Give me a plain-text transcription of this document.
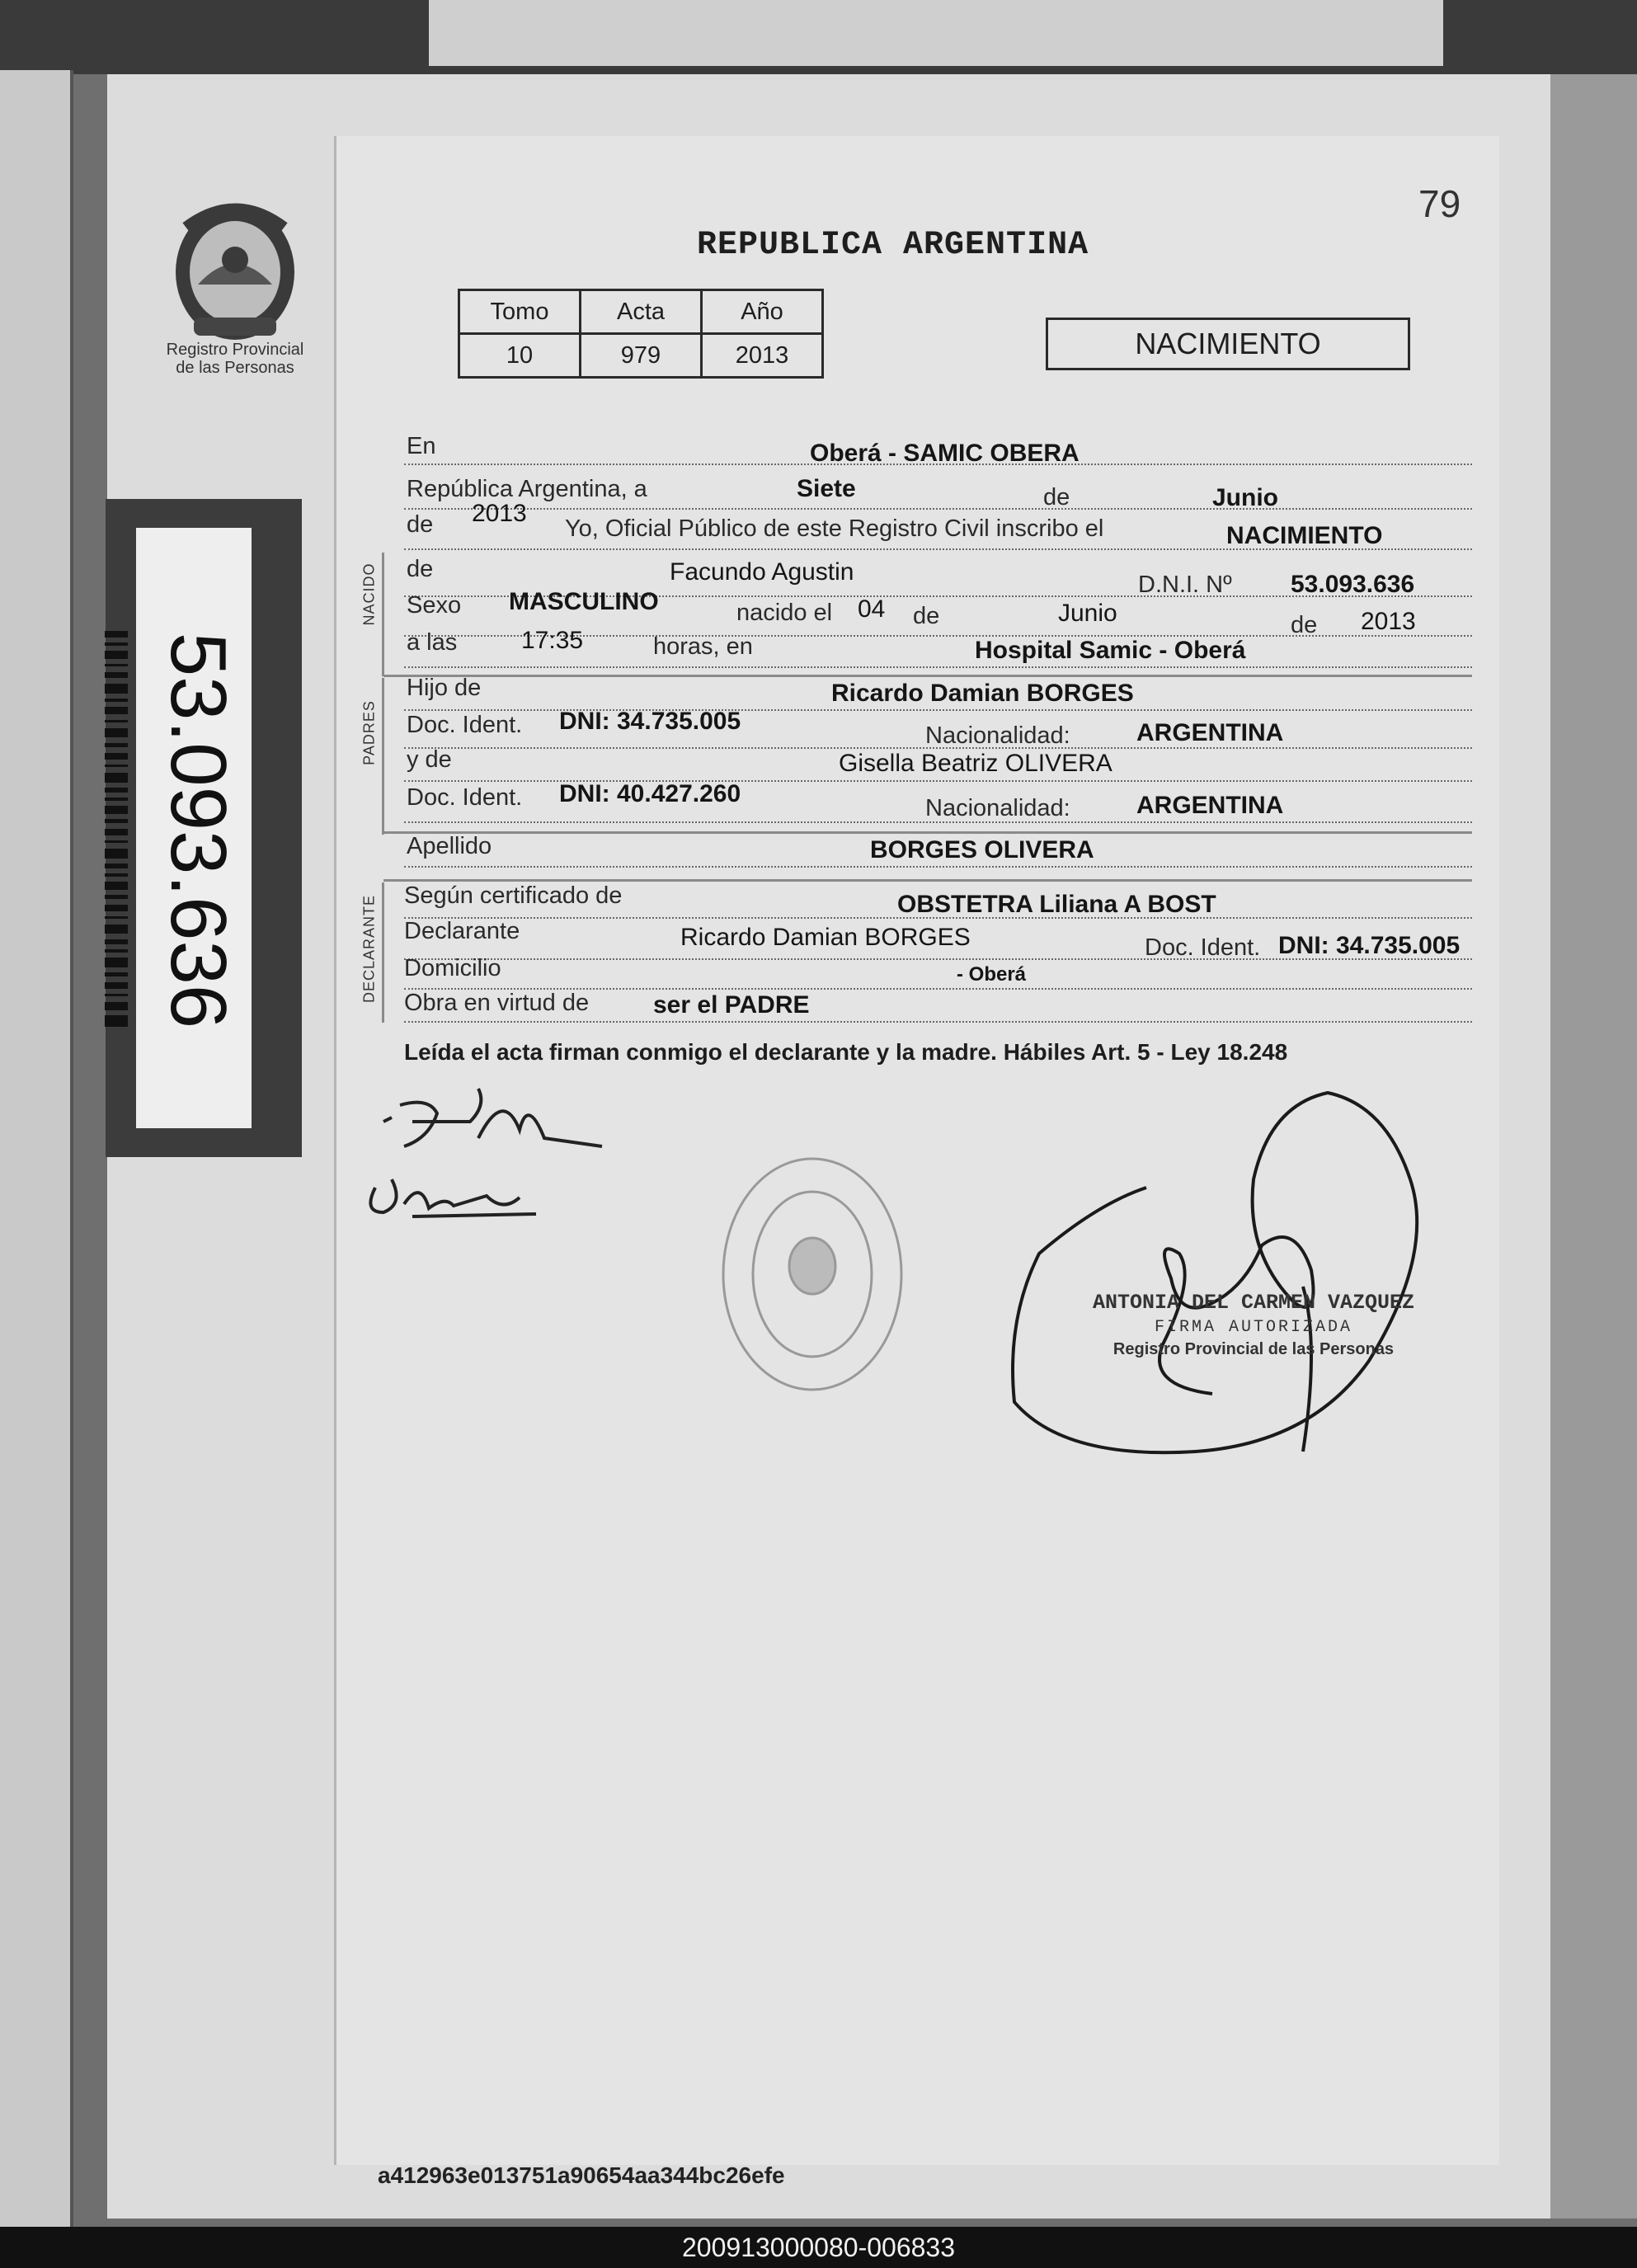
Registro Provincial
de las Personas
79
REPUBLICA ARGENTINA
Tomo	Acta	Año
10	979	2013	NACIMIENTO
53.093.636
En	Oberá - SAMIC OBERA
República Argentina, a	Siete	de	Junio
de 2013
Yo, Oficial Público de este Registro Civil inscribo el	NACIMIENTO
NACIDO de	Facundo Agustin	D.N.I. Nº 53.093.636
Sexo MASCULINO	nacido el 04 de	Junio	de 2013
a las	17:35	horas, en	Hospital Samic - Oberá
PADRES
Hijo de	Ricardo Damian BORGES
Doc. Ident. DNI: 34.735.005
Nacionalidad:	ARGENTINA
y de	Gisella Beatriz OLIVERA
Doc. Ident. DNI: 40.427.260
Nacionalidad:	ARGENTINA
Apellido	BORGES OLIVERA
DECLARANTE Según certificado de	OBSTETRA Liliana A BOST
Declarante	Ricardo Damian BORGES	Doc. Ident. DNI: 34.735.005
Domicilio	- Oberá
Obra en virtud de	ser el PADRE
Leída el acta firman conmigo el declarante y la madre. Hábiles Art. 5 - Ley 18.248
ANTONIA DEL CARMEN VAZQUEZ
FIRMA AUTORIZADA
Registro Provincial de las Personas
a412963e013751a90654aa344bc26efe
200913000080-006833
